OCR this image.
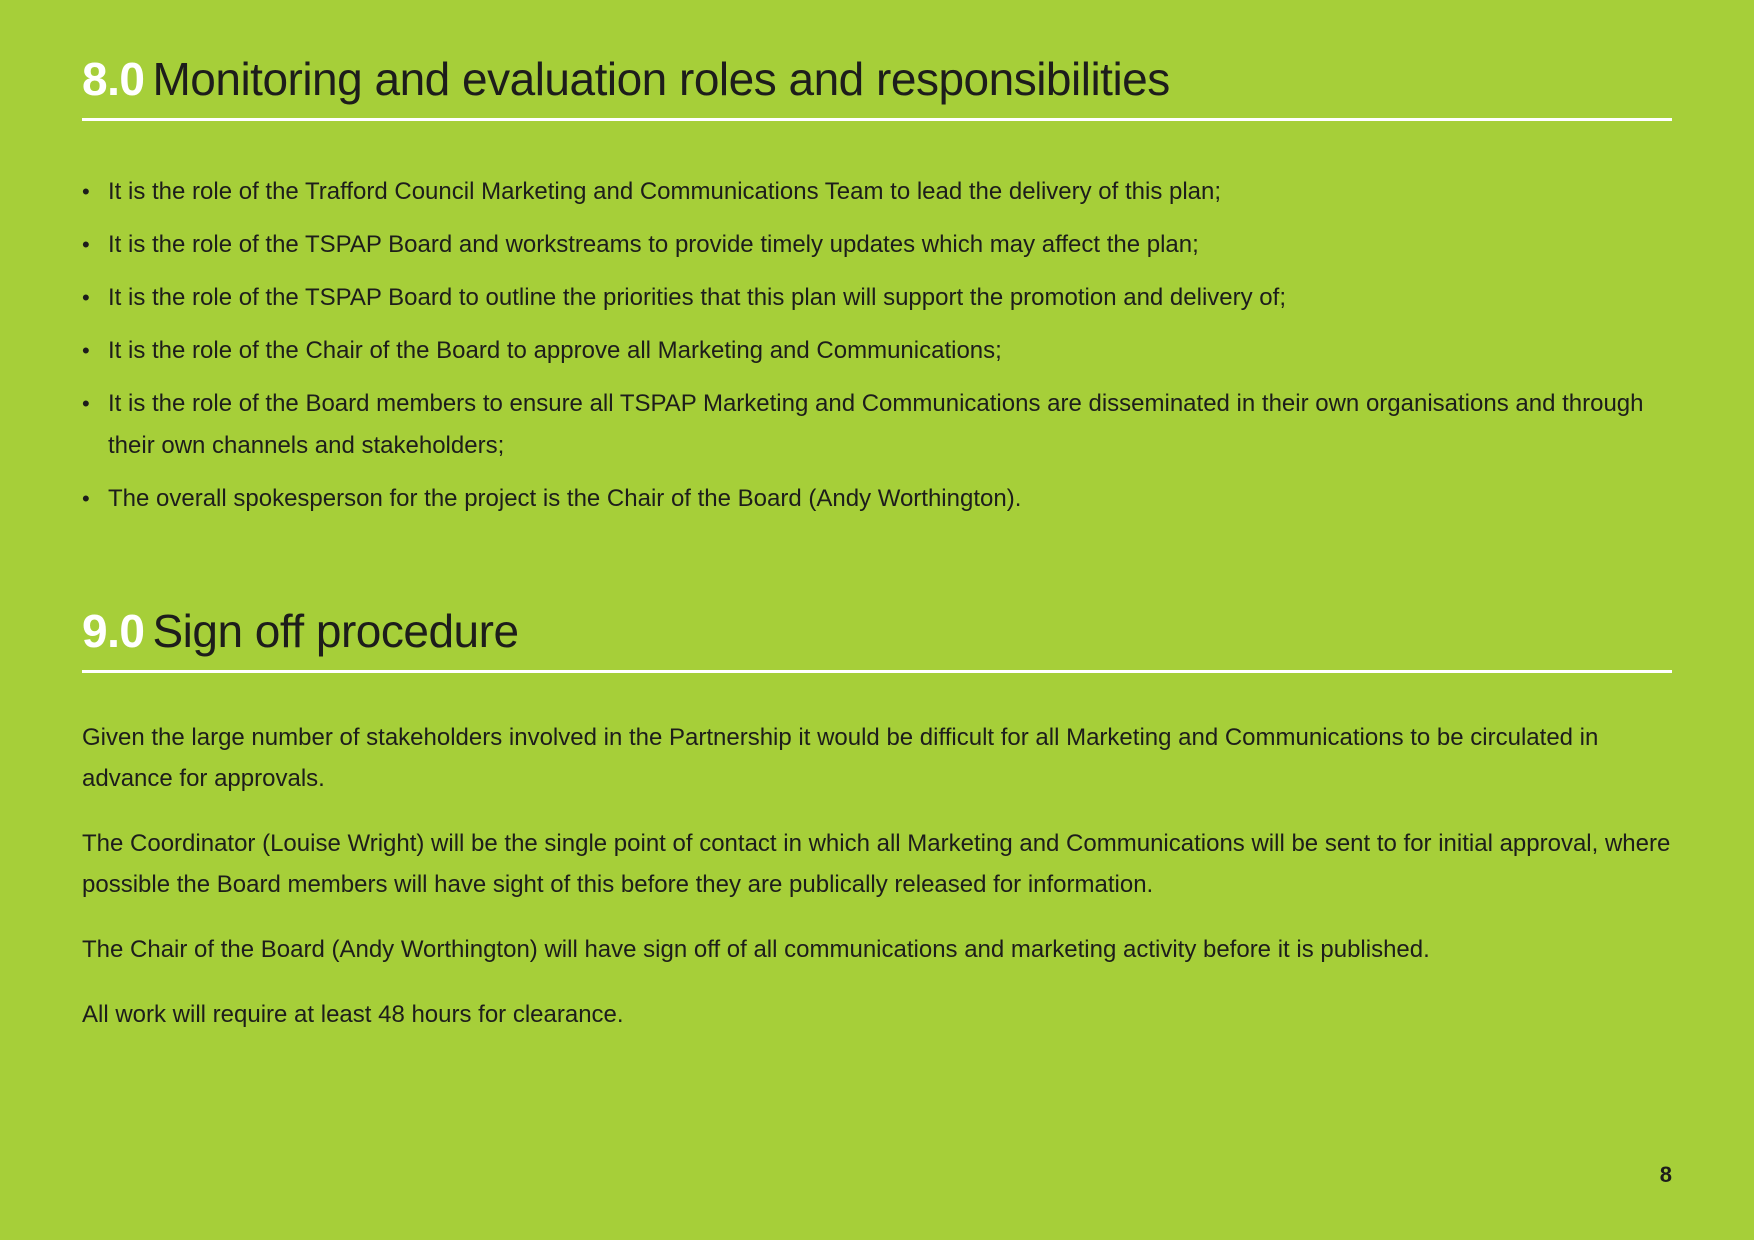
8.0 Monitoring and evaluation roles and responsibilities
• It is the role of the Trafford Council Marketing and Communications Team to lead the delivery of this plan;
• It is the role of the TSPAP Board and workstreams to provide timely updates which may affect the plan;
• It is the role of the TSPAP Board to outline the priorities that this plan will support the promotion and delivery of;
• It is the role of the Chair of the Board to approve all Marketing and Communications;
• It is the role of the Board members to ensure all TSPAP Marketing and Communications are disseminated in their own organisations and through their own channels and stakeholders;
• The overall spokesperson for the project is the Chair of the Board (Andy Worthington).
9.0 Sign off procedure

Given the large number of stakeholders involved in the Partnership it would be difficult for all Marketing and Communications to be circulated in advance for approvals.

The Coordinator (Louise Wright) will be the single point of contact in which all Marketing and Communications will be sent to for initial approval, where possible the Board members will have sight of this before they are publically released for information.

The Chair of the Board (Andy Worthington) will have sign off of all communications and marketing activity before it is published.

All work will require at least 48 hours for clearance.

8
